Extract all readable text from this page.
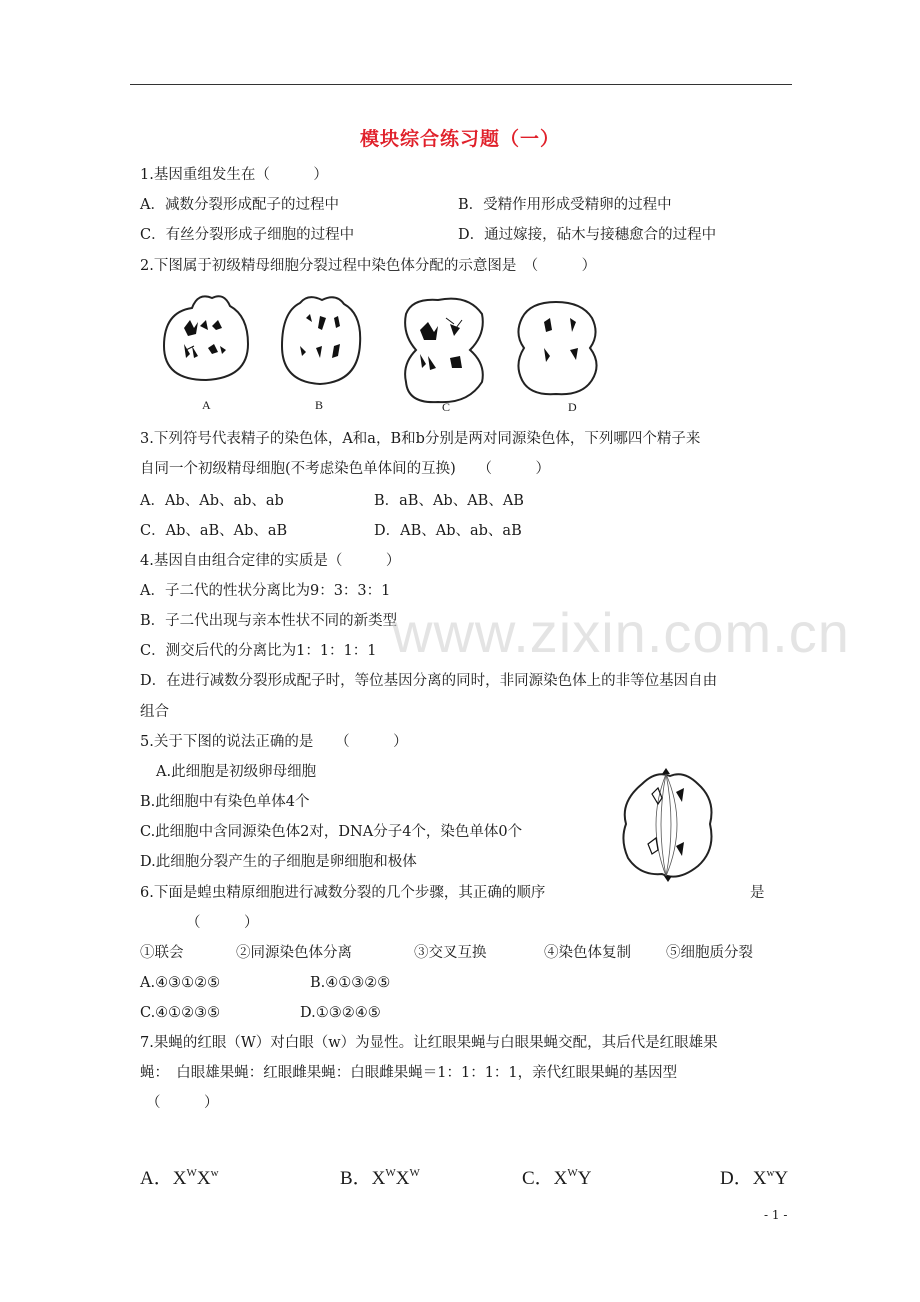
模块综合练习题（一）
1.基因重组发生在（　　　）
A．减数分裂形成配子的过程中	B．受精作用形成受精卵的过程中
C．有丝分裂形成子细胞的过程中	D．通过嫁接，砧木与接穗愈合的过程中
2.下图属于初级精母细胞分裂过程中染色体分配的示意图是　（　　　）
A	B	C	D
3.下列符号代表精子的染色体，A和a，B和b分别是两对同源染色体，下列哪四个精子来
自同一个初级精母细胞(不考虑染色单体间的互换)　　（　　　）
A．Ab、Ab、ab、ab	B．aB、Ab、AB、AB
C．Ab、aB、Ab、aB	D．AB、Ab、ab、aB
4.基因自由组合定律的实质是（　　　）
A．子二代的性状分离比为9：3：3：1
B．子二代出现与亲本性状不同的新类型
C．测交后代的分离比为1：1：1：1
D．在进行减数分裂形成配子时，等位基因分离的同时，非同源染色体上的非等位基因自由
组合
www.zixin.com.cn
5.关于下图的说法正确的是　　（　　　）
A.此细胞是初级卵母细胞
B.此细胞中有染色单体4个
C.此细胞中含同源染色体2对，DNA分子4个，染色单体0个
D.此细胞分裂产生的子细胞是卵细胞和极体
6.下面是蝗虫精原细胞进行减数分裂的几个步骤，其正确的顺序	是
（　　　）
①联会	②同源染色体分离	③交叉互换	④染色体复制 ⑤细胞质分裂
A.④③①②⑤	B.④①③②⑤
C.④①②③⑤	D.①③②④⑤
7.果蝇的红眼（W）对白眼（w）为显性。让红眼果蝇与白眼果蝇交配，其后代是红眼雄果
蝇：　白眼雄果蝇：红眼雌果蝇：白眼雌果蝇＝1：1：1：1，亲代红眼果蝇的基因型
（　　　）
A．$X^WX^w$	B．$X^WX^W$	C．$X^WY$	D．$X^wY$
- 1 -
